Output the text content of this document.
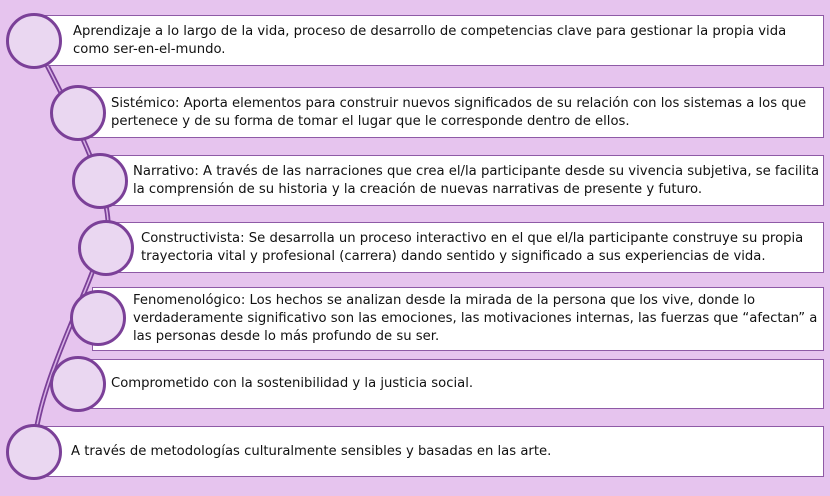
Aprendizaje a lo largo de la vida, proceso de desarrollo de competencias clave para gestionar la propia vida como ser-en-el-mundo.
Sistémico: Aporta elementos para construir nuevos significados de su relación con los sistemas a los que pertenece y de su forma de tomar el lugar que le corresponde dentro de ellos.
Narrativo: A través de las narraciones que crea el/la participante desde su vivencia subjetiva, se facilita la comprensión de su historia y la creación de nuevas narrativas de presente y futuro.
Constructivista: Se desarrolla un proceso interactivo en el que el/la participante construye su propia trayectoria vital y profesional (carrera) dando sentido y significado a sus experiencias de vida.
Fenomenológico: Los hechos se analizan desde la mirada de la persona que los vive, donde lo verdaderamente significativo son las emociones, las motivaciones internas, las fuerzas que “afectan” a las personas desde lo más profundo de su ser.
Comprometido con la sostenibilidad y la justicia social.
A través de metodologías culturalmente sensibles y basadas en las arte.
